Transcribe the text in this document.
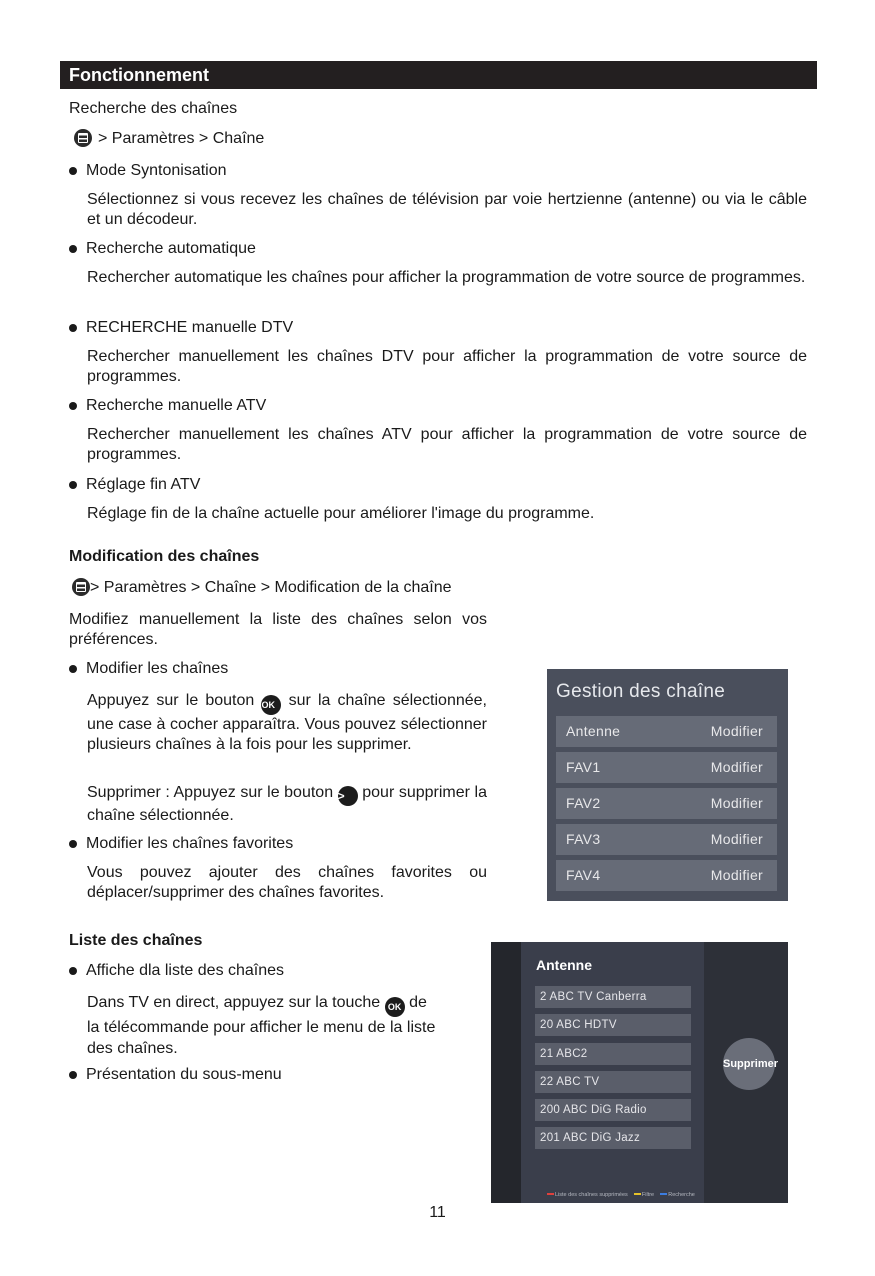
Fonctionnement
Recherche des chaînes
> Paramètres > Chaîne
Mode Syntonisation
Sélectionnez si vous recevez les chaînes de télévision par voie hertzienne (antenne) ou via le câble et un décodeur.
Recherche automatique
Rechercher automatique les chaînes pour afficher la programmation de votre source de programmes.
RECHERCHE manuelle DTV
Rechercher manuellement les chaînes DTV pour afficher la programmation de votre source de programmes.
Recherche manuelle ATV
Rechercher manuellement les chaînes ATV pour afficher la programmation de votre source de programmes.
Réglage fin ATV
Réglage fin de la chaîne actuelle pour améliorer l'image du programme.
Modification des chaînes
> Paramètres > Chaîne > Modification de la chaîne
Modifiez manuellement la liste des chaînes selon vos préférences.
Modifier les chaînes
Appuyez sur le bouton OK sur la chaîne sélectionnée, une case à cocher apparaîtra. Vous pouvez sélectionner plusieurs chaînes à la fois pour les supprimer.
Supprimer : Appuyez sur le bouton > pour supprimer la chaîne sélectionnée.
Modifier les chaînes favorites
Vous pouvez ajouter des chaînes favorites ou déplacer/supprimer des chaînes favorites.
Liste des chaînes
Affiche dla liste des chaînes
Dans TV en direct, appuyez sur la touche OK de la télécommande pour afficher le menu de la liste des chaînes.
Présentation du sous-menu
Gestion des chaîne
Antenne	Modifier
FAV1	Modifier
FAV2	Modifier
FAV3	Modifier
FAV4	Modifier
Antenne
2 ABC TV Canberra
20 ABC HDTV
21 ABC2
22 ABC TV
200 ABC DiG Radio
201 ABC DiG Jazz
Supprimer
Liste des chaînes supprimées	Filtre	Recherche
11
